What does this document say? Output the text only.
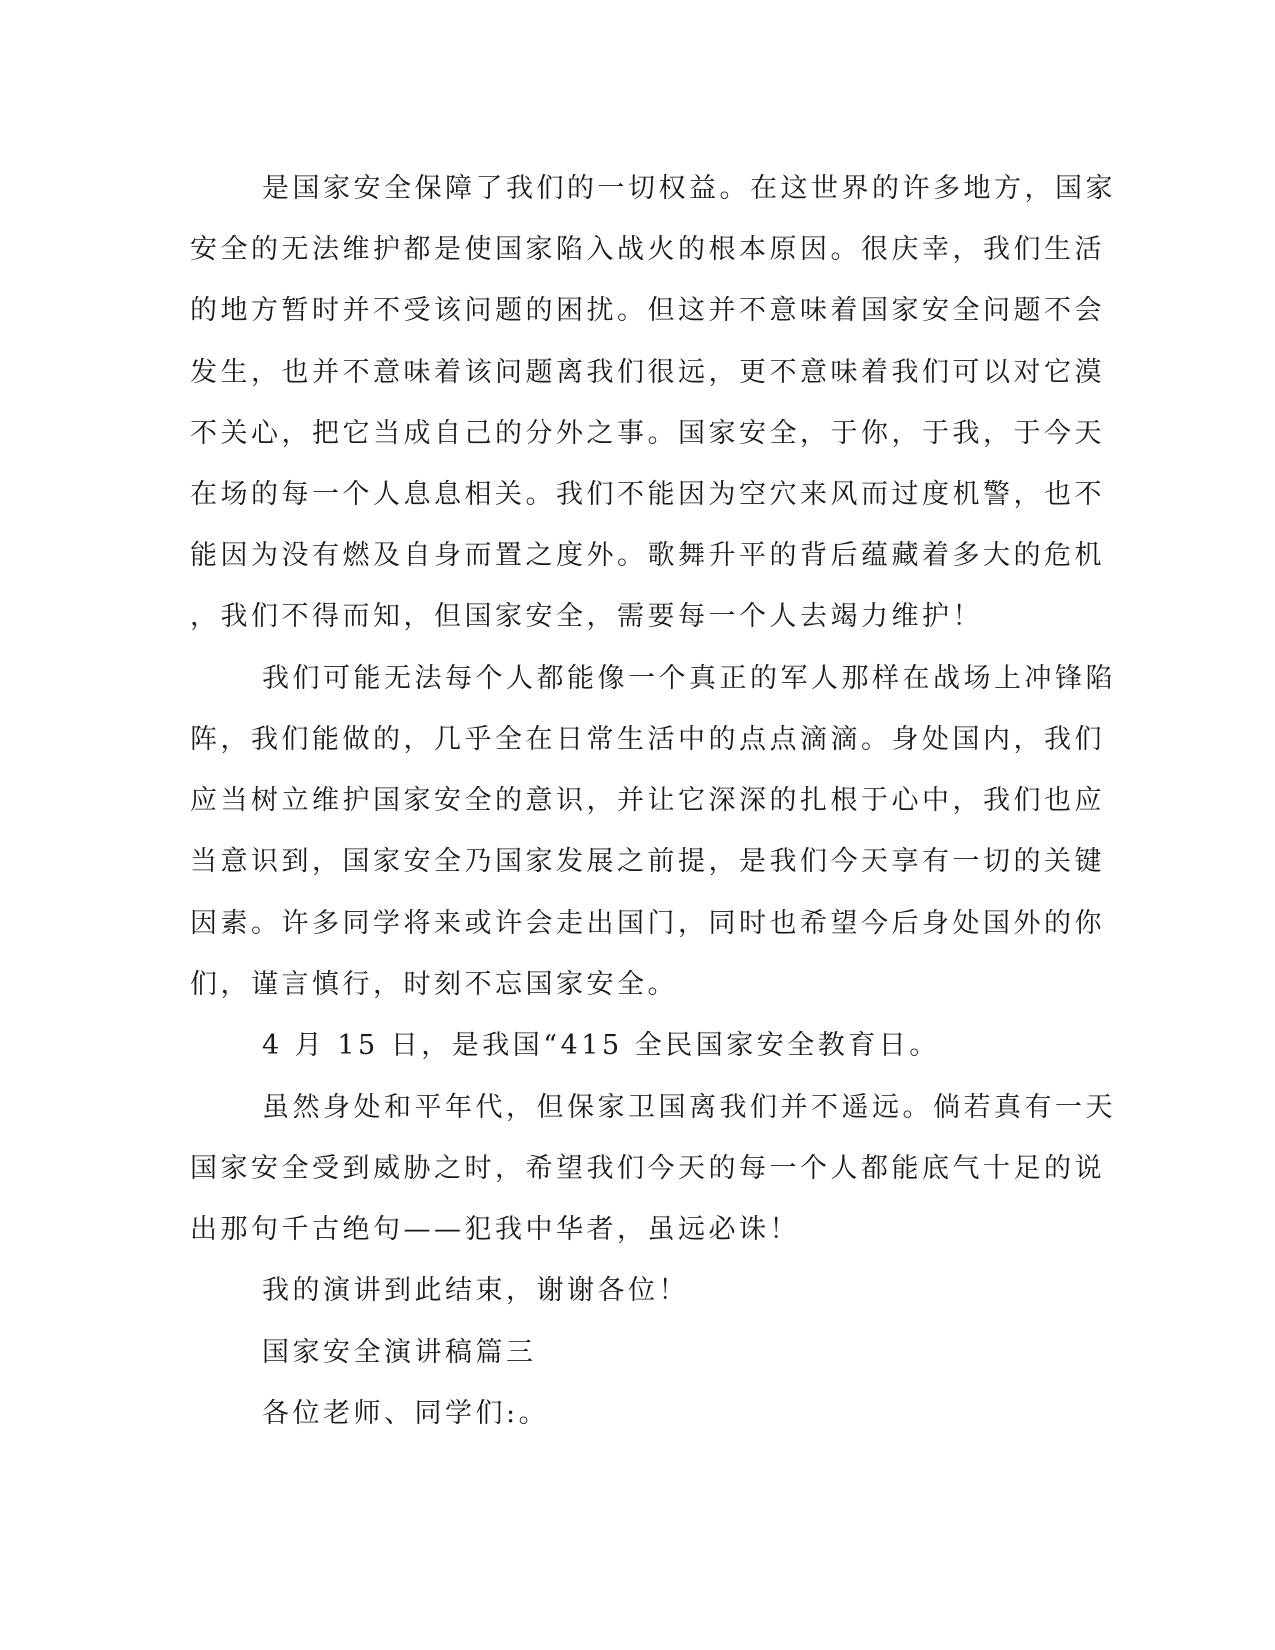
是国家安全保障了我们的一切权益。在这世界的许多地方，国家
安全的无法维护都是使国家陷入战火的根本原因。很庆幸，我们生活
的地方暂时并不受该问题的困扰。但这并不意味着国家安全问题不会
发生，也并不意味着该问题离我们很远，更不意味着我们可以对它漠
不关心，把它当成自己的分外之事。国家安全，于你，于我，于今天
在场的每一个人息息相关。我们不能因为空穴来风而过度机警，也不
能因为没有燃及自身而置之度外。歌舞升平的背后蕴藏着多大的危机
，我们不得而知，但国家安全，需要每一个人去竭力维护！
我们可能无法每个人都能像一个真正的军人那样在战场上冲锋陷
阵，我们能做的，几乎全在日常生活中的点点滴滴。身处国内，我们
应当树立维护国家安全的意识，并让它深深的扎根于心中，我们也应
当意识到，国家安全乃国家发展之前提，是我们今天享有一切的关键
因素。许多同学将来或许会走出国门，同时也希望今后身处国外的你
们，谨言慎行，时刻不忘国家安全。
4 月 15 日，是我国“415 全民国家安全教育日。
虽然身处和平年代，但保家卫国离我们并不遥远。倘若真有一天
国家安全受到威胁之时，希望我们今天的每一个人都能底气十足的说
出那句千古绝句——犯我中华者，虽远必诛！
我的演讲到此结束，谢谢各位！
国家安全演讲稿篇三
各位老师、同学们:。
